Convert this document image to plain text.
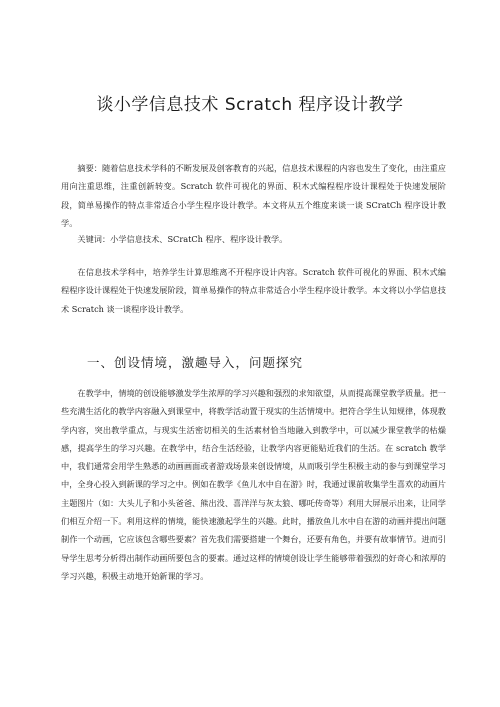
谈小学信息技术 Scratch 程序设计教学

摘要：随着信息技术学科的不断发展及创客教育的兴起，信息技术课程的内容也发生了变化，由注重应用向注重思维，注重创新转变。Scratch 软件可视化的界面、积木式编程程序设计课程处于快速发展阶段，简单易操作的特点非常适合小学生程序设计教学。本文将从五个维度来谈一谈 SCratCh 程序设计教学。

关键词：小学信息技术、SCratCh 程序、程序设计教学。

在信息技术学科中，培养学生计算思维离不开程序设计内容。Scratch 软件可视化的界面、积木式编程程序设计课程处于快速发展阶段，简单易操作的特点非常适合小学生程序设计教学。本文将以小学信息技术 Scratch 谈一谈程序设计教学。

一、创设情境，激趣导入，问题探究

在教学中，情境的创设能够激发学生浓厚的学习兴趣和强烈的求知欲望，从而提高课堂教学质量。把一些充满生活化的教学内容融入到课堂中，将教学活动置于现实的生活情境中。把符合学生认知规律，体现教学内容，突出教学重点，与现实生活密切相关的生活素材恰当地融入到教学中，可以减少课堂教学的枯燥感，提高学生的学习兴趣。在教学中，结合生活经验，让教学内容更能贴近我们的生活。在 scratch 教学中，我们通常会用学生熟悉的动画画面或者游戏场景来创设情境，从而吸引学生积极主动的参与到课堂学习中，全身心投入到新课的学习之中。例如在教学《鱼儿水中自在游》时，我通过课前收集学生喜欢的动画片主题图片（如：大头儿子和小头爸爸、熊出没、喜洋洋与灰太狼、哪吒传奇等）利用大屏展示出来，让同学们相互介绍一下。利用这样的情境，能快速激起学生的兴趣。此时，播放鱼儿水中自在游的动画并提出问题 制作一个动画，它应该包含哪些要素？首先我们需要搭建一个舞台，还要有角色，并要有故事情节。进而引导学生思考分析得出制作动画所要包含的要素。通过这样的情境创设让学生能够带着强烈的好奇心和浓厚的学习兴趣，积极主动地开始新课的学习。
